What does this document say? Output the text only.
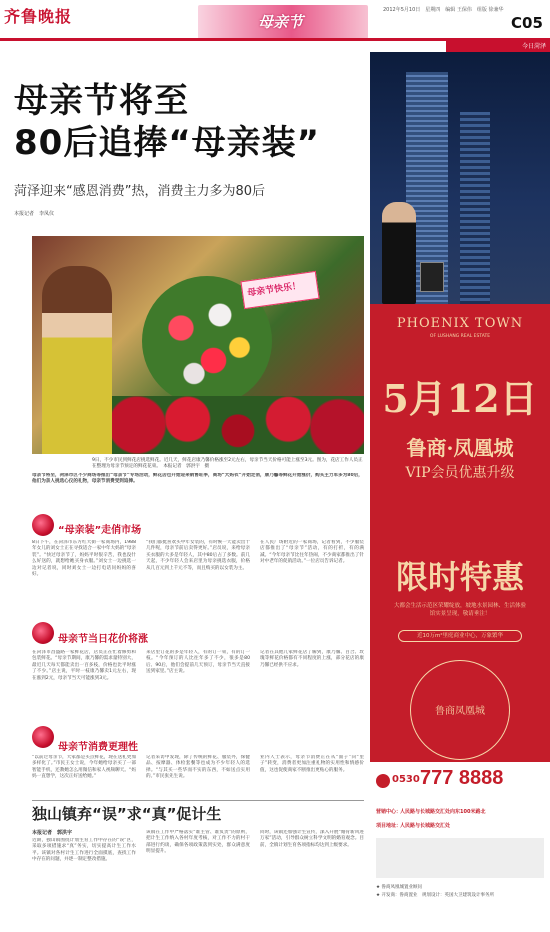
齐鲁晚报	母亲节
2012年5月10日　星期四　编辑 王保伟　组版 徐兼华
C05
今日菏泽
母亲节将至
80后追捧“母亲装”
菏泽迎来“感恩消费”热，消费主力多为80后
本报记者　李凤仪
母亲节快乐！
9日，不少市民到鲜花店挑选鲜花。近几天，鲜花店康乃馨价格涨至2元左右，母亲节当天价格可能上涨至3元。图为，花店工作人员正在整理为母亲节预定的鲜花花束。　本报记者　郭洪宇　摄
母亲节将至，菏泽市区不少商场等推出“母亲节”专场活动，鲜花店也开始迎来销售旺季，商场“大妈衣”开始走俏，康乃馨等鲜花开始涨价，购买主力军多为80后，他们为亲人挑选心仪的礼物，母亲节消费受到追捧。
“母亲装”走俏市场
8日下午，在菏泽市东方红大街一家商场内，1988年女儿的刘女士正在寻找适合一家中年大妈的“母亲装”。“快过母亲节了，妈妈平时很辛苦，我也没什么好送的，就想给她买身衣服。”刘女士一边挑选一边对记者说，同时刘女士一边打电话问妈妈的喜好。
“我们都挺喜欢买中年女装的，有时候一天能卖出十几件呢，母亲节前后卖得更好。”店员说，来给母亲买衣服的大多是年轻人，其中80后占了多数。前几天起，不少年轻人会来店里为母亲挑选衣服，价格从几百元到上千元不等，而且购买的以女装为主。
在人民广场附近的一家商场，记者看到，不少服装店都推出了“母亲节”活动，有的打折，有的满减。“今年母亲节比往年热闹，不少商家都推出了针对中老年的促销活动。”一位店员告诉记者。
母亲节当日花价将涨
在菏泽市昌盛路一家鲜花店，店员正在忙着修剪和包装鲜花。“母亲节期间，康乃馨的需求量特别大，最近几天每天都能卖出一百多枝，价格也比平时涨了不少。”店主说，平时一枝康乃馨卖1元左右，现在涨到2元，母亲节当天可能涨到3元。
来店里订花的多是年轻人，有的订一束，有的订一枝。“今年预订的人比往年多了不少，很多是80后、90后，他们会提前几天预订，母亲节当天直接送到家里。”店主说。
记者在其他几家鲜花店了解到，康乃馨、百合、玫瑰等鲜花价格都有不同程度的上涨，部分花店的康乃馨已经供不应求。
母亲节消费更理性
“以前过母亲节，大家都是买点鲜花，现在送礼更加多样化了。”市民王女士说，今年她给母亲买了一部智能手机，还教她怎么用微信和家人视频聊天。“妈妈一直想学，这次正好送给她。”
记者采访中发现，除了传统的鲜花、服装外，保健品、按摩器、体检套餐等也成为不少年轻人的选择。“与其买一些华而不实的东西，不如送点实用的。”市民张先生说。
业内人士表示，母亲节消费正在从“面子”向“里子”转变，消费者更加注重礼物的实用性和情感价值，这也促使商家不断推出更贴心的服务。
独山镇弃“误”求“真”促计生
本报记者　郭洪宇
近期，独山镇围绕计划生育工作中存在的“误”区，采取多项措施求“真”务实，切实提高计生工作水平。该镇对各村计生工作进行全面摸底，查找工作中存在的问题，并逐一制定整改措施。
该镇在工作中严格落实“谁主管、谁负责”的原则，把计生工作纳入各村年度考核，对工作不力的村干部进行约谈，确保各项政策落到实处，群众满意度明显提升。
同时，该镇还加强计生宣传，深入开展“婚育新风进万家”活动，引导群众树立科学文明的婚育观念。目前，全镇计划生育各项指标均达到上级要求。
PHOENIX TOWN
OF LUSHANG REAL ESTATE
5月12日
鲁商·凤凰城
VIP会员优惠升级
限时特惠
大都会生活示范区荣耀绽放，坡地水景园林、生活体验馆实景呈现，敬请垂注！
近10万m²里庭商业中心，万象繁华
鲁商凤凰城
0530 777 8888
营销中心：
人民路与长城路交汇处向东100米路北
项目地址：
人民路与长城路交汇处
★ 鲁商凤凰城置业顾问
★ 开发商：鲁商置业　规划设计：英国大卫建筑设计事务所
